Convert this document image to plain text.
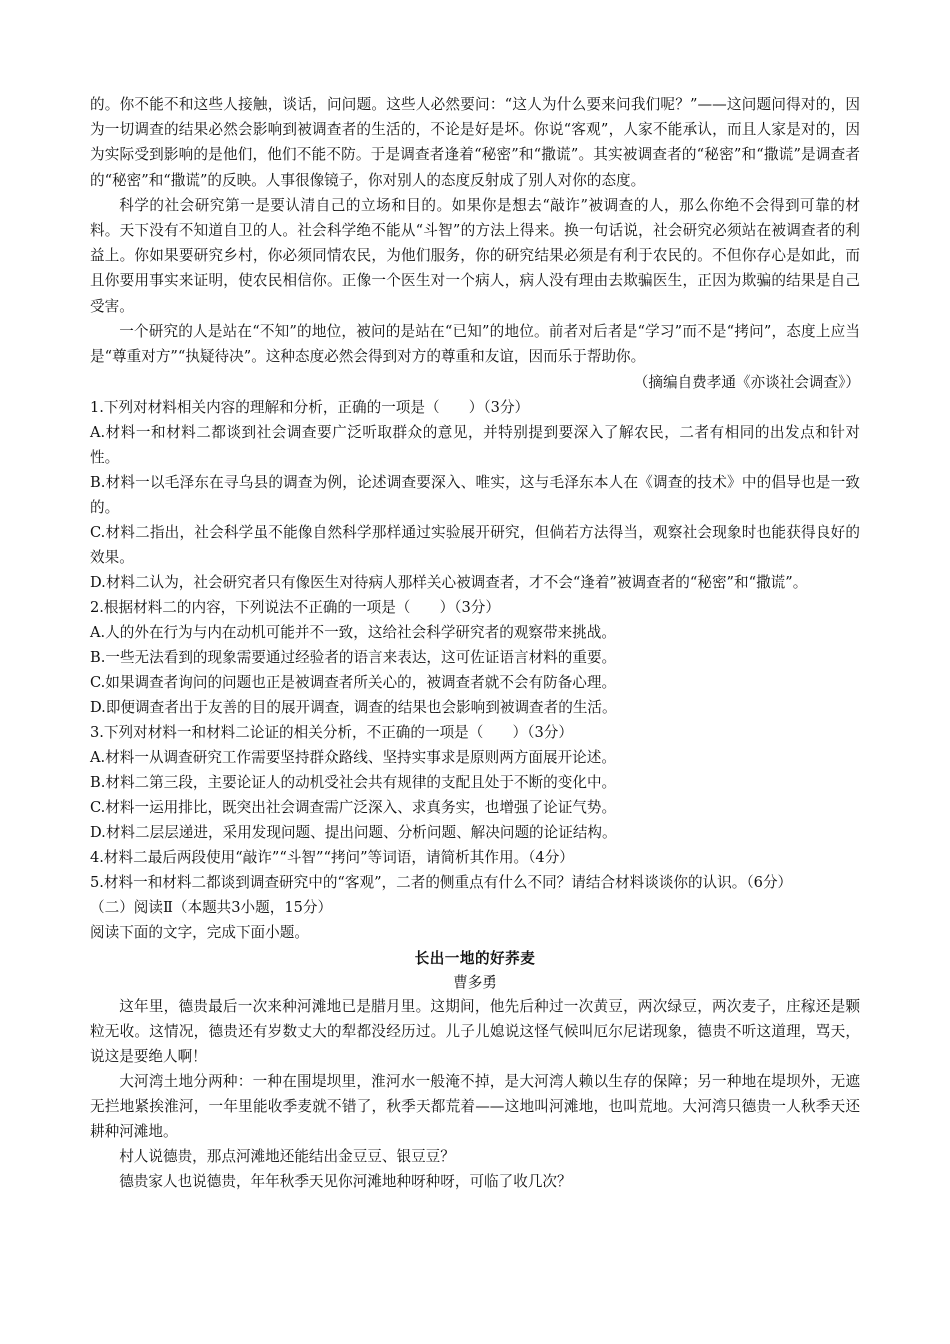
的。你不能不和这些人接触，谈话，问问题。这些人必然要问：“这人为什么要来问我们呢？”——这问题问得对的，因为一切调查的结果必然会影响到被调查者的生活的，不论是好是坏。你说“客观”，人家不能承认，而且人家是对的，因为实际受到影响的是他们，他们不能不防。于是调查者逢着“秘密”和“撒谎”。其实被调查者的“秘密”和“撒谎”是调查者的“秘密”和“撒谎”的反映。人事很像镜子，你对别人的态度反射成了别人对你的态度。

科学的社会研究第一是要认清自己的立场和目的。如果你是想去“敲诈”被调查的人，那么你绝不会得到可靠的材料。天下没有不知道自卫的人。社会科学绝不能从“斗智”的方法上得来。换一句话说，社会研究必须站在被调查者的利益上。你如果要研究乡村，你必须同情农民，为他们服务，你的研究结果必须是有利于农民的。不但你存心是如此，而且你要用事实来证明，使农民相信你。正像一个医生对一个病人，病人没有理由去欺骗医生，正因为欺骗的结果是自己受害。

一个研究的人是站在“不知”的地位，被问的是站在“已知”的地位。前者对后者是“学习”而不是“拷问”，态度上应当是“尊重对方”“执疑待决”。这种态度必然会得到对方的尊重和友谊，因而乐于帮助你。

（摘编自费孝通《亦谈社会调查》）

1.下列对材料相关内容的理解和分析，正确的一项是（　　）（3分）

A.材料一和材料二都谈到社会调查要广泛听取群众的意见，并特别提到要深入了解农民，二者有相同的出发点和针对性。

B.材料一以毛泽东在寻乌县的调查为例，论述调查要深入、唯实，这与毛泽东本人在《调查的技术》中的倡导也是一致的。

C.材料二指出，社会科学虽不能像自然科学那样通过实验展开研究，但倘若方法得当，观察社会现象时也能获得良好的效果。

D.材料二认为，社会研究者只有像医生对待病人那样关心被调查者，才不会“逢着”被调查者的“秘密”和“撒谎”。

2.根据材料二的内容，下列说法不正确的一项是（　　）（3分）

A.人的外在行为与内在动机可能并不一致，这给社会科学研究者的观察带来挑战。

B.一些无法看到的现象需要通过经验者的语言来表达，这可佐证语言材料的重要。

C.如果调查者询问的问题也正是被调查者所关心的，被调查者就不会有防备心理。

D.即便调查者出于友善的目的展开调查，调查的结果也会影响到被调查者的生活。

3.下列对材料一和材料二论证的相关分析，不正确的一项是（　　）（3分）

A.材料一从调查研究工作需要坚持群众路线、坚持实事求是原则两方面展开论述。

B.材料二第三段，主要论证人的动机受社会共有规律的支配且处于不断的变化中。

C.材料一运用排比，既突出社会调查需广泛深入、求真务实，也增强了论证气势。

D.材料二层层递进，采用发现问题、提出问题、分析问题、解决问题的论证结构。

4.材料二最后两段使用“敲诈”“斗智”“拷问”等词语，请简析其作用。（4分）

5.材料一和材料二都谈到调查研究中的“客观”，二者的侧重点有什么不同？请结合材料谈谈你的认识。（6分）

（二）阅读Ⅱ（本题共3小题，15分）

阅读下面的文字，完成下面小题。

长出一地的好荞麦
曹多勇

这年里，德贵最后一次来种河滩地已是腊月里。这期间，他先后种过一次黄豆，两次绿豆，两次麦子，庄稼还是颗粒无收。这情况，德贵还有岁数丈大的犁都没经历过。儿子儿媳说这怪气候叫厄尔尼诺现象，德贵不听这道理，骂天，说这是要绝人啊！

大河湾土地分两种：一种在围堤坝里，淮河水一般淹不掉，是大河湾人赖以生存的保障；另一种地在堤坝外，无遮无拦地紧挨淮河，一年里能收季麦就不错了，秋季天都荒着——这地叫河滩地，也叫荒地。大河湾只德贵一人秋季天还耕种河滩地。

村人说德贵，那点河滩地还能结出金豆豆、银豆豆？

德贵家人也说德贵，年年秋季天见你河滩地种呀种呀，可临了收几次？
